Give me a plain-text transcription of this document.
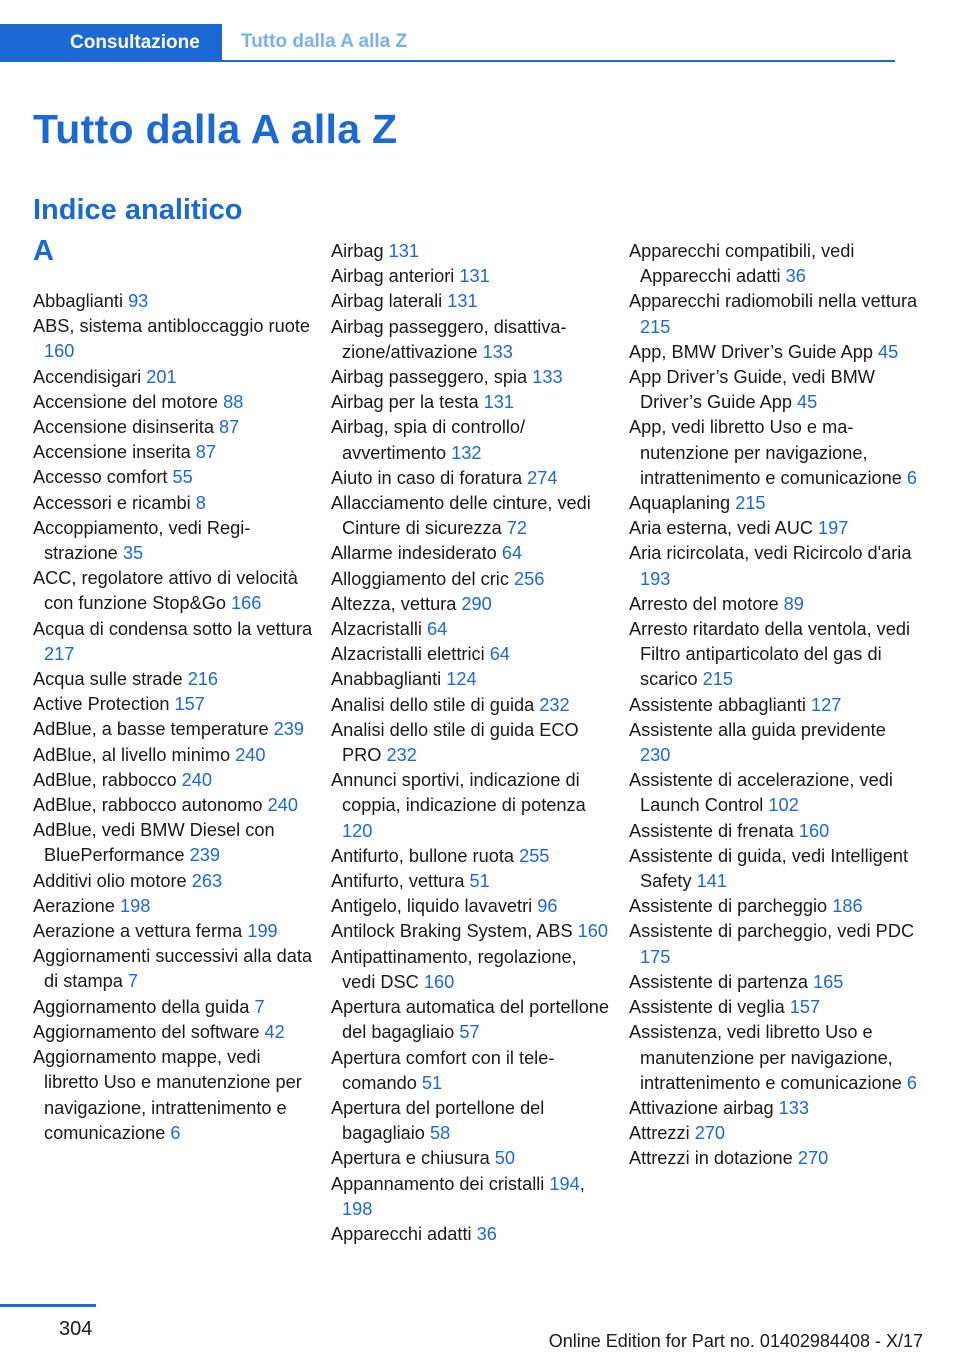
Consultazione	Tutto dalla A alla Z
Tutto dalla A alla Z
Indice analitico
A
Abbaglianti 93
ABS, sistema antibloccaggio ruote 160
Accendisigari 201
Accensione del motore 88
Accensione disinserita 87
Accensione inserita 87
Accesso comfort 55
Accessori e ricambi 8
Accoppiamento, vedi Registrazione 35
ACC, regolatore attivo di velocità con funzione Stop&Go 166
Acqua di condensa sotto la vettura 217
Acqua sulle strade 216
Active Protection 157
AdBlue, a basse temperature 239
AdBlue, al livello minimo 240
AdBlue, rabbocco 240
AdBlue, rabbocco autonomo 240
AdBlue, vedi BMW Diesel con BluePerformance 239
Additivi olio motore 263
Aerazione 198
Aerazione a vettura ferma 199
Aggiornamenti successivi alla data di stampa 7
Aggiornamento della guida 7
Aggiornamento del software 42
Aggiornamento mappe, vedi libretto Uso e manutenzione per navigazione, intrattenimento e comunicazione 6
Airbag 131
Airbag anteriori 131
Airbag laterali 131
Airbag passeggero, disattivazione/attivazione 133
Airbag passeggero, spia 133
Airbag per la testa 131
Airbag, spia di controllo/ avvertimento 132
Aiuto in caso di foratura 274
Allacciamento delle cinture, vedi Cinture di sicurezza 72
Allarme indesiderato 64
Alloggiamento del cric 256
Altezza, vettura 290
Alzacristalli 64
Alzacristalli elettrici 64
Anabbaglianti 124
Analisi dello stile di guida 232
Analisi dello stile di guida ECO PRO 232
Annunci sportivi, indicazione di coppia, indicazione di potenza 120
Antifurto, bullone ruota 255
Antifurto, vettura 51
Antigelo, liquido lavavetri 96
Antilock Braking System, ABS 160
Antipattinamento, regolazione, vedi DSC 160
Apertura automatica del portellone del bagagliaio 57
Apertura comfort con il telecomando 51
Apertura del portellone del bagagliaio 58
Apertura e chiusura 50
Appannamento dei cristalli 194, 198
Apparecchi adatti 36
Apparecchi compatibili, vedi Apparecchi adatti 36
Apparecchi radiomobili nella vettura 215
App, BMW Driver’s Guide App 45
App Driver’s Guide, vedi BMW Driver’s Guide App 45
App, vedi libretto Uso e manutenzione per navigazione, intrattenimento e comunicazione 6
Aquaplaning 215
Aria esterna, vedi AUC 197
Aria ricircolata, vedi Ricircolo d'aria 193
Arresto del motore 89
Arresto ritardato della ventola, vedi Filtro antiparticolato del gas di scarico 215
Assistente abbaglianti 127
Assistente alla guida previdente 230
Assistente di accelerazione, vedi Launch Control 102
Assistente di frenata 160
Assistente di guida, vedi Intelligent Safety 141
Assistente di parcheggio 186
Assistente di parcheggio, vedi PDC 175
Assistente di partenza 165
Assistente di veglia 157
Assistenza, vedi libretto Uso e manutenzione per navigazione, intrattenimento e comunicazione 6
Attivazione airbag 133
Attrezzi 270
Attrezzi in dotazione 270
304
Online Edition for Part no. 01402984408 - X/17
